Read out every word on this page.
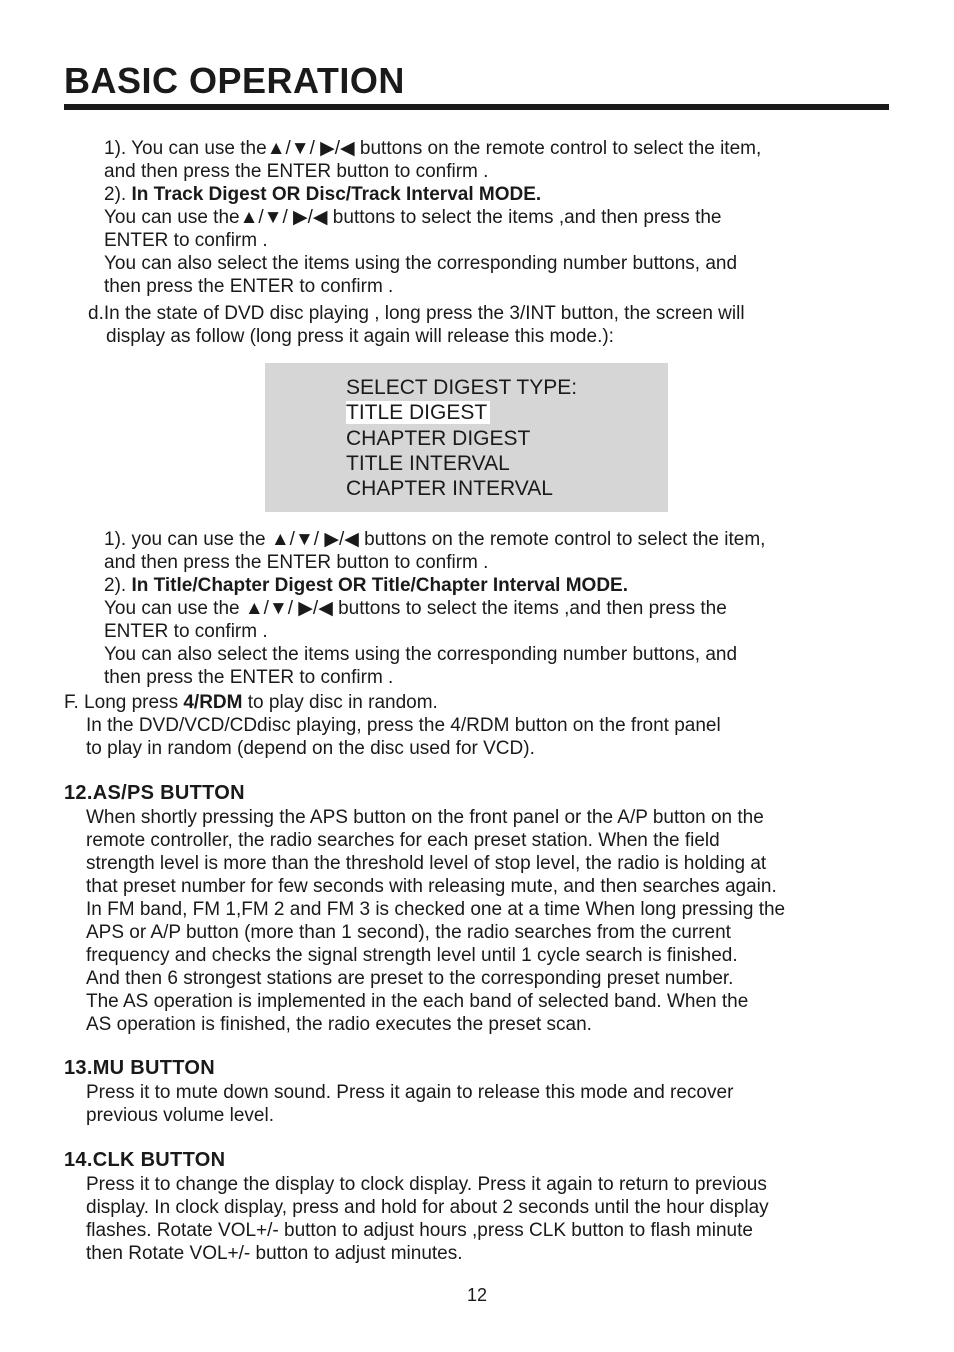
BASIC OPERATION

1). You can use the▲/▼/ ▶/◀ buttons on the remote control to select the item,

and then press the ENTER button to confirm .

2). In Track Digest OR Disc/Track Interval MODE.

You can use the▲/▼/ ▶/◀ buttons to select the items ,and then press the

ENTER to confirm .

You can also select the items using the corresponding number buttons, and

then press the ENTER to confirm .

d.In the state of DVD disc playing , long press the 3/INT button, the screen will

display as follow (long press it again will release this mode.):

SELECT DIGEST TYPE:
TITLE DIGEST
CHAPTER DIGEST
TITLE INTERVAL
CHAPTER INTERVAL

1). you can use the ▲/▼/ ▶/◀ buttons on the remote control to select the item,

and then press the ENTER button to confirm .

2). In Title/Chapter Digest OR Title/Chapter Interval MODE.

You can use the ▲/▼/ ▶/◀ buttons to select the items ,and then press the

ENTER to confirm .

You can also select the items using the corresponding number buttons, and

then press the ENTER to confirm .

F. Long press 4/RDM to play disc in random.

In the DVD/VCD/CDdisc playing, press the 4/RDM button on the front panel

to play in random (depend on the disc used for VCD).

12.AS/PS BUTTON

When shortly pressing the APS button on the front panel or the A/P button on the

remote controller, the radio searches for each preset station. When the field

strength level is more than the threshold level of stop level, the radio is holding at

that preset number for few seconds with releasing mute, and then searches again.

In FM band, FM 1,FM 2 and FM 3 is checked one at a time When long pressing the

APS or A/P button (more than 1 second), the radio searches from the current

frequency and checks the signal strength level until 1 cycle search is finished.

And then 6 strongest stations are preset to the corresponding preset number.

The AS operation is implemented in the each band of selected band. When the

AS operation is finished, the radio executes the preset scan.

13.MU BUTTON

Press it to mute down sound. Press it again to release this mode and recover

previous volume level.

14.CLK BUTTON

Press it to change the display to clock display. Press it again to return to previous

display. In clock display, press and hold for about 2 seconds until the hour display

flashes. Rotate VOL+/- button to adjust hours ,press CLK button to flash minute

then Rotate VOL+/- button to adjust minutes.

12
